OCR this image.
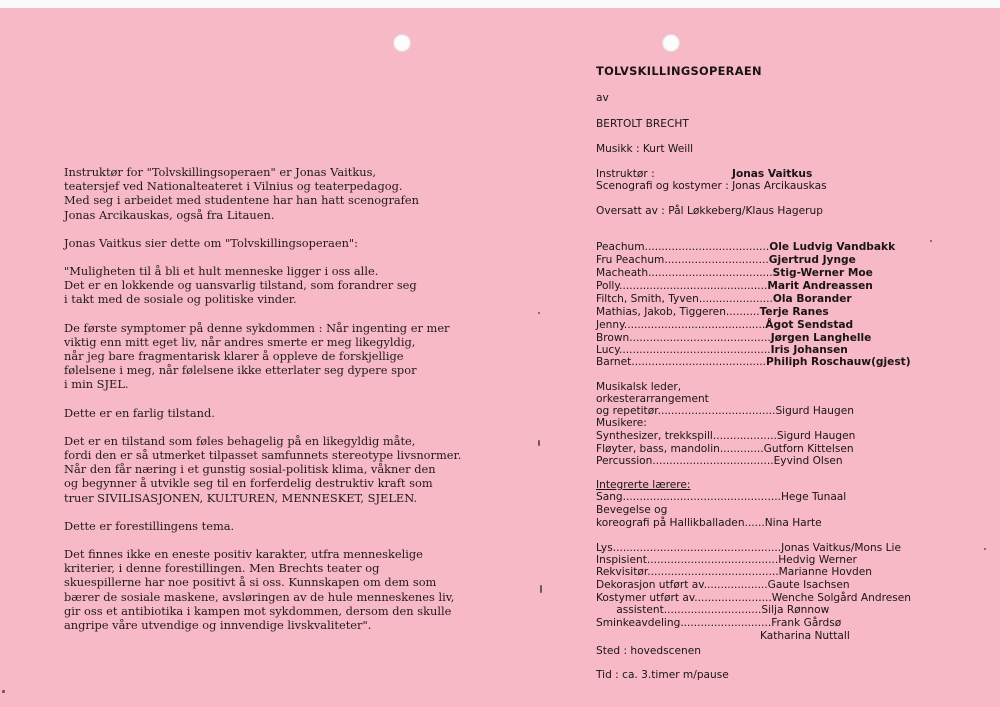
Instruktør for "Tolvskillingsoperaen" er Jonas Vaitkus,
teatersjef ved Nationalteateret i Vilnius og teaterpedagog.
Med seg i arbeidet med studentene har han hatt scenografen
Jonas Arcikauskas, også fra Litauen.

Jonas Vaitkus sier dette om "Tolvskillingsoperaen":

"Muligheten til å bli et hult menneske ligger i oss alle.
Det er en lokkende og uansvarlig tilstand, som forandrer seg
i takt med de sosiale og politiske vinder.

De første symptomer på denne sykdommen : Når ingenting er mer
viktig enn mitt eget liv, når andres smerte er meg likegyldig,
når jeg bare fragmentarisk klarer å oppleve de forskjellige
følelsene i meg, når følelsene ikke etterlater seg dypere spor
i min SJEL.

Dette er en farlig tilstand.

Det er en tilstand som føles behagelig på en likegyldig måte,
fordi den er så utmerket tilpasset samfunnets stereotype livsnormer.
Når den får næring i et gunstig sosial-politisk klima, våkner den
og begynner å utvikle seg til en forferdelig destruktiv kraft som
truer SIVILISASJONEN, KULTUREN, MENNESKET, SJELEN.

Dette er forestillingens tema.

Det finnes ikke en eneste positiv karakter, utfra menneskelige
kriterier, i denne forestillingen. Men Brechts teater og
skuespillerne har noe positivt å si oss. Kunnskapen om dem som
bærer de sosiale maskene, avsløringen av de hule menneskenes liv,
gir oss et antibiotika i kampen mot sykdommen, dersom den skulle
angripe våre utvendige og innvendige livskvaliteter".

TOLVSKILLINGSOPERAEN
av
BERTOLT BRECHT
Musikk : Kurt Weill
Instruktør :	Jonas Vaitkus
Scenografi og kostymer : Jonas Arcikauskas
Oversatt av : Pål Løkkeberg/Klaus Hagerup
Peachum.....................................Ole Ludvig Vandbakk
Fru Peachum...............................Gjertrud Jynge
Macheath.....................................Stig-Werner Moe
Polly............................................Marit Andreassen
Filtch, Smith, Tyven......................Ola Borander
Mathias, Jakob, Tiggeren..........Terje Ranes
Jenny..........................................Ågot Sendstad
Brown..........................................Jørgen Langhelle
Lucy.............................................Iris Johansen
Barnet........................................Philiph Roschauw(gjest)
Musikalsk leder,
orkesterarrangement
og repetitør...................................Sigurd Haugen
Musikere:
Synthesizer, trekkspill...................Sigurd Haugen
Fløyter, bass, mandolin.............Gutforn Kittelsen
Percussion....................................Eyvind Olsen
Integrerte lærere:
Sang...............................................Hege Tunaal
Bevegelse og
koreografi på Hallikballaden......Nina Harte
Lys..................................................Jonas Vaitkus/Mons Lie
Inspisient.......................................Hedvig Werner
Rekvisitør.......................................Marianne Hovden
Dekorasjon utført av...................Gaute Isachsen
Kostymer utført av.......................Wenche Solgård Andresen
assistent.............................Silja Rønnow
Sminkeavdeling...........................Frank Gårdsø
Katharina Nuttall
Sted : hovedscenen
Tid : ca. 3.timer m/pause
